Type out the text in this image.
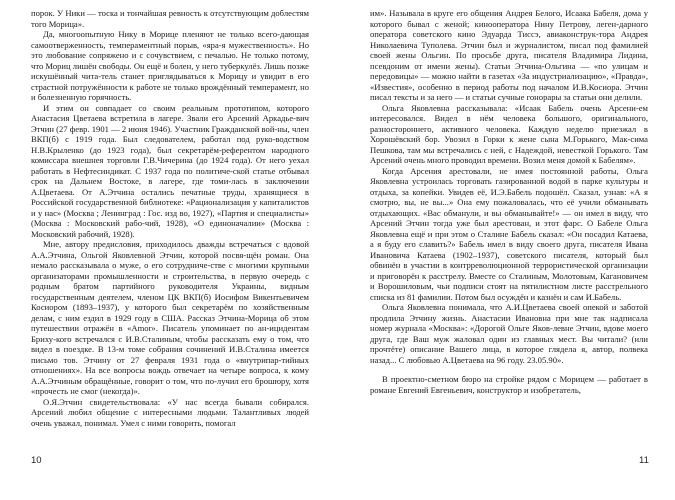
порок. У Ники — тоска и тончайшая ревность к отсутствующим доблестям того Морица».

Да, многоопытную Нику в Морице пленяют не только всего-дающая самоотверженность, темпераментный порыв, «яра-я мужественность». Но это любование сопряжено и с сочувствием, с печалью. Не только потому, что Мориц лишён свободы. Он ещё и болен, у него туберкулёз. Лишь позже искушённый чита-тель станет приглядываться к Морицу и увидит в его страстной потрyжённости к работе не только врождённый темперамент, но и болезненную горячность.

И этим он совпадает со своим реальным прототипом, которого Анастасия Цветаева встретила в лагере. Звали его Арсений Аркадье-вич Этчин (27 февр. 1901 — 2 июня 1946). Участник Гражданской вой-ны, член ВКП(б) с 1919 года. Был следователем, работал под руко-водством Н.В.Крыленко (до 1923 года), был секретарём-референтом народного комиссара внешнея торговли Г.В.Чичерина (до 1924 года). От него уехал работать в Нефтесиндикат. С 1937 года по политиче-ской статье отбывал срок на Дальнем Востоке, в лагере, где томи-лась в заключении А.Цветаева. От А.Этчина остались печатные труды, хранящиеся в Российской государственной библиотеке: «Рационализация у капиталистов и у нас» (Москва ; Ленинград : Гос. изд во, 1927), «Партия и специалисты» (Москва : Московский рабо-чий, 1928), «О единоначалии» (Москва : Московский рабочий, 1928).

Мне, автору предисловия, приходилось дважды встречаться с вдовой А.А.Этчина, Ольгой Яковлевной Этчин, которой посвя-щён роман. Она немало рассказывала о муже, о его сотрудниче-стве с многими крупными организаторами промышленности и строительства, в первую очередь с родным братом партийного руководителя Украины, видным государственным деятелем, членом ЦК ВКП(б) Иосифом Викентьевичем Косиором (1893–1937), у которого был секретарём по хозяйственным делам, с ним ездил в 1929 году в США. Рассказ Этчина-Морица об этом путешествии отражён в «Amor». Писатель упоминает по ан-ицидентам Бриху-кого встречался с И.В.Сталиным, чтобы рассказать ему о том, что видел в поездке. В 13-м томе собрания сочинений И.В.Сталина имеется письмо тов. Этчину от 27 февраля 1931 года о «внутрипар-тийных отношениях». На все вопросы вождь отвечает на четыре вопроса, к кому А.А.Этчиным обращённые, говорит о том, что по-лучил его брошюру, хотя «прочесть не смог (некогда)».

О.Я.Этчин свидетельствовала: «У нас всегда бывали собирался. Арсений любил общение с интересными людьми. Талантливых людей очень уважал, понимал. Умел с ними говорить, помогал

10

им». Называла в круге его общения Андрея Белого, Исаака Бабеля, дома у которого бывал с женой; кинооператора Нину Петрову, леген-дарного оператора советского кино Эдуарда Тиссэ, авиаконструк-тора Андрея Николаевича Туполева. Этчин был и журналистом, писал под фамилией своей жены Ольгин. По просьбе друга, писателя Владимира Лидина, псевдоним от имени жены). Статьи Этчина-Ольгина — «по улицам и передовицы» — можно найти в газетах «За индустриализацию», «Правда», «Известия», особенно в период работы под началом И.В.Косиора. Этчин писал тексты и за него — и статьи сучные гонорары за статьи они делили.

Ольга Яковлевна рассказывала: «Исаак Бабель очень Арсени-ем интересовался. Видел в нём человека большого, оригинального, разностороннего, активного человека. Каждую неделю приезжал в Хорошёвский бор. Увозил в Горки к жене сына М.Горького, Мак-сима Пешкова, там мы встречались с ней, с Надеждой, невесткой Горького. Там Арсений очень много проводил времени. Возил меня домой к Бабелям».

Когда Арсения арестовали, не имея постоянной работы, Ольга Яковлевна устроилась торговать газированной водой в парке культуры и отдыха, за копейки. Увидев её, И.Э.Бабель подошёл. Сказал, узнав: «А я смотрю, вы, не вы...» Она ему пожаловалась, что её учили обманывать отдыхающих. «Вас обманули, и вы обманывайте!» — он имел в виду, что Арсений Этчин тогда уже был арестован, и этот фарс. О Бабеле Ольга Яковлевна ещё и при этом о Сталине Бабель сказал: «Он посадил Катаева, а я буду его славить?» Бабель имел в виду своего друга, писателя Ивана Ивановича Катаева (1902–1937), советского писателя, который был обвинён в участии в контрреволюционной террористической организации и приговорён к расстрелу. Вместе со Сталиным, Молотовым, Кагановичем и Ворошиловым, чьи подписи стоят на пятилистном листе расстрельного списка из 81 фамилии. Потом был осуждён и казнён и сам И.Бабель.

Ольга Яковлевна понимала, что А.И.Цветаева своей опекой и заботой продлила Этчину жизнь. Анастасии Ивановна при мне так надписала номер журнала «Москва»: «Дорогой Ольге Яков-левне Этчин, вдове моего друга, где Ваш муж жаловал один из главных мест. Вы читали? (или прочтёте) описание Вашего лица, в которое глядела я, автор, полвека назад... С любовью А.Цветаева на 96 году. 23.05.90».

В проектно-сметном бюро на стройке рядом с Морицем — работает в романе Евгений Евгеньевич, конструктор и изобретатель,

11
